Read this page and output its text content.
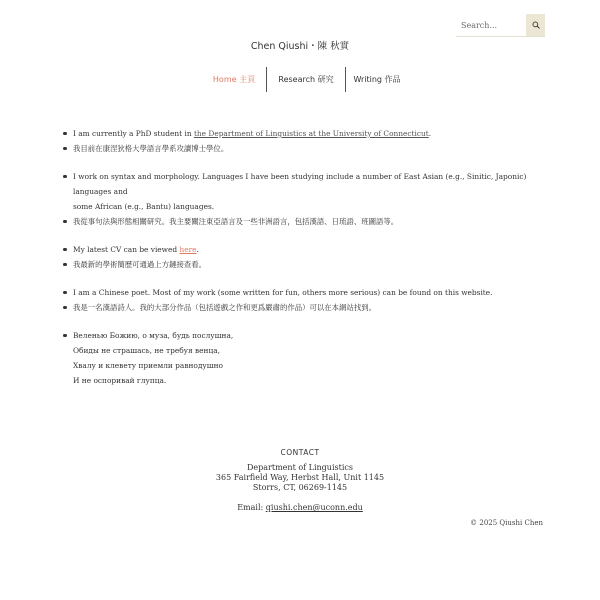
Search...
Chen Qiushi・陳 秋實
Home 主頁	Research 研究	Writing 作品
I am currently a PhD student in the Department of Linguistics at the University of Connecticut.
我目前在康涅狄格大學語言學系攻讀博士學位。
I work on syntax and morphology. Languages I have been studying include a number of East Asian (e.g., Sinitic, Japonic) languages and
some African (e.g., Bantu) languages.
我從事句法與形態相關研究。我主要關注東亞語言及一些非洲語言，包括漢語、日琉語、班圖語等。
My latest CV can be viewed here.
我最新的學術簡歷可通過上方鏈接查看。
I am a Chinese poet. Most of my work (some written for fun, others more serious) can be found on this website.
我是一名漢語詩人。我的大部分作品（包括遊戲之作和更爲嚴肅的作品）可以在本網站找到。
Веленью Божию, о муза, будь послушна,
Обиды не страшась, не требуя венца,
Хвалу и клевету приемли равнодушно
И не оспоривай глупца.
CONTACT
Department of Linguistics
365 Fairfield Way, Herbst Hall, Unit 1145
Storrs, CT, 06269-1145
Email: qiushi.chen@uconn.edu
© 2025 Qiushi Chen
